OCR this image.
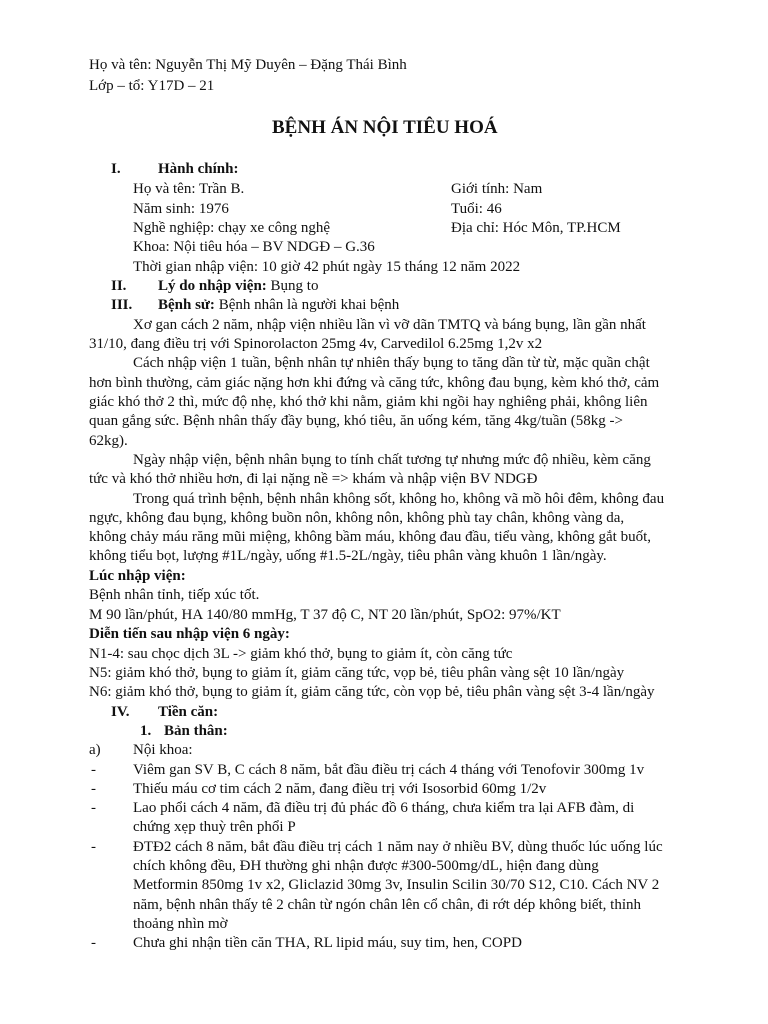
Họ và tên: Nguyễn Thị Mỹ Duyên – Đặng Thái Bình
Lớp – tổ: Y17D – 21
BỆNH ÁN NỘI TIÊU HOÁ
I. Hành chính:
Họ và tên: Trần B.	Giới tính: Nam
Năm sinh: 1976	Tuổi: 46
Nghề nghiệp: chạy xe công nghệ	Địa chỉ: Hóc Môn, TP.HCM
Khoa: Nội tiêu hóa – BV NDGĐ – G.36
Thời gian nhập viện: 10 giờ 42 phút ngày 15 tháng 12 năm 2022
II. Lý do nhập viện: Bụng to
III. Bệnh sử: Bệnh nhân là người khai bệnh
Xơ gan cách 2 năm, nhập viện nhiều lần vì vỡ dãn TMTQ và báng bụng, lần gần nhất
31/10, đang điều trị với Spinorolacton 25mg 4v, Carvedilol 6.25mg 1,2v x2
Cách nhập viện 1 tuần, bệnh nhân tự nhiên thấy bụng to tăng dần từ từ, mặc quần chật
hơn bình thường, cảm giác nặng hơn khi đứng và căng tức, không đau bụng, kèm khó thở, cảm
giác khó thở 2 thì, mức độ nhẹ, khó thở khi nằm, giảm khi ngồi hay nghiêng phải, không liên
quan gắng sức. Bệnh nhân thấy đầy bụng, khó tiêu, ăn uống kém, tăng 4kg/tuần (58kg ->
62kg).
Ngày nhập viện, bệnh nhân bụng to tính chất tương tự nhưng mức độ nhiều, kèm căng
tức và khó thở nhiều hơn, đi lại nặng nề => khám và nhập viện BV NDGĐ
Trong quá trình bệnh, bệnh nhân không sốt, không ho, không vã mồ hôi đêm, không đau
ngực, không đau bụng, không buồn nôn, không nôn, không phù tay chân, không vàng da,
không chảy máu răng mũi miệng, không bầm máu, không đau đầu, tiểu vàng, không gắt buốt,
không tiểu bọt, lượng #1L/ngày, uống #1.5-2L/ngày, tiêu phân vàng khuôn 1 lần/ngày.
Lúc nhập viện:
Bệnh nhân tỉnh, tiếp xúc tốt.
M 90 lần/phút, HA 140/80 mmHg, T 37 độ C, NT 20 lần/phút, SpO2: 97%/KT
Diễn tiến sau nhập viện 6 ngày:
N1-4: sau chọc dịch 3L -> giảm khó thở, bụng to giảm ít, còn căng tức
N5: giảm khó thở, bụng to giảm ít, giảm căng tức, vọp bẻ, tiêu phân vàng sệt 10 lần/ngày
N6: giảm khó thở, bụng to giảm ít, giảm căng tức, còn vọp bẻ, tiêu phân vàng sệt 3-4 lần/ngày
IV. Tiền căn:
1. Bản thân:
a) Nội khoa:
- Viêm gan SV B, C cách 8 năm, bắt đầu điều trị cách 4 tháng với Tenofovir 300mg 1v
- Thiếu máu cơ tim cách 2 năm, đang điều trị với Isosorbid 60mg 1/2v
- Lao phổi cách 4 năm, đã điều trị đủ phác đồ 6 tháng, chưa kiểm tra lại AFB đàm, di
chứng xẹp thuỳ trên phổi P
- ĐTĐ2 cách 8 năm, bắt đầu điều trị cách 1 năm nay ở nhiều BV, dùng thuốc lúc uống lúc
chích không đều, ĐH thường ghi nhận được #300-500mg/dL, hiện đang dùng
Metformin 850mg 1v x2, Gliclazid 30mg 3v, Insulin Scilin 30/70 S12, C10. Cách NV 2
năm, bệnh nhân thấy tê 2 chân từ ngón chân lên cổ chân, đi rớt dép không biết, thỉnh
thoảng nhìn mờ
- Chưa ghi nhận tiền căn THA, RL lipid máu, suy tim, hen, COPD
